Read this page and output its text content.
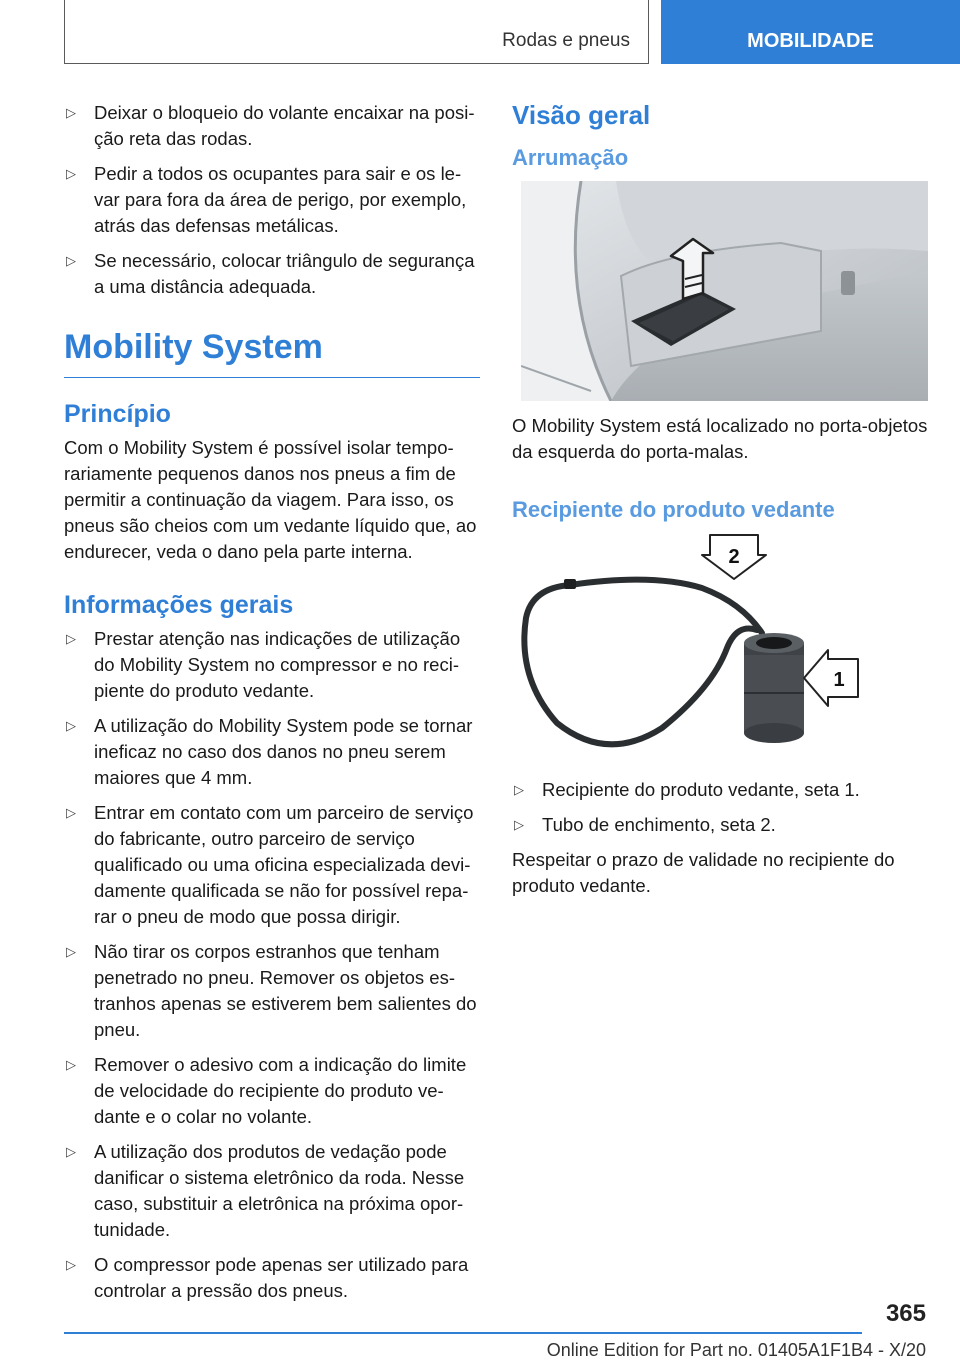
Rodas e pneus	MOBILIDADE
▷ Deixar o bloqueio do volante encaixar na posição reta das rodas.
▷ Pedir a todos os ocupantes para sair e os levar para fora da área de perigo, por exemplo, atrás das defensas metálicas.
▷ Se necessário, colocar triângulo de segurança a uma distância adequada.
Mobility System
Princípio

Com o Mobility System é possível isolar temporariamente pequenos danos nos pneus a fim de permitir a continuação da viagem. Para isso, os pneus são cheios com um vedante líquido que, ao endurecer, veda o dano pela parte interna.

Informações gerais
▷ Prestar atenção nas indicações de utilização do Mobility System no compressor e no recipiente do produto vedante.
▷ A utilização do Mobility System pode se tornar ineficaz no caso dos danos no pneu serem maiores que 4 mm.
▷ Entrar em contato com um parceiro de serviço do fabricante, outro parceiro de serviço qualificado ou uma oficina especializada devidamente qualificada se não for possível reparar o pneu de modo que possa dirigir.
▷ Não tirar os corpos estranhos que tenham penetrado no pneu. Remover os objetos estranhos apenas se estiverem bem salientes do pneu.
▷ Remover o adesivo com a indicação do limite de velocidade do recipiente do produto vedante e o colar no volante.
▷ A utilização dos produtos de vedação pode danificar o sistema eletrônico da roda. Nesse caso, substituir a eletrônica na próxima oportunidade.
▷ O compressor pode apenas ser utilizado para controlar a pressão dos pneus.
Visão geral
Arrumação

O Mobility System está localizado no porta-objetos da esquerda do porta-malas.

Recipiente do produto vedante
2
1
▷ Recipiente do produto vedante, seta 1.
▷ Tubo de enchimento, seta 2.

Respeitar o prazo de validade no recipiente do produto vedante.

365
Online Edition for Part no. 01405A1F1B4 - X/20
